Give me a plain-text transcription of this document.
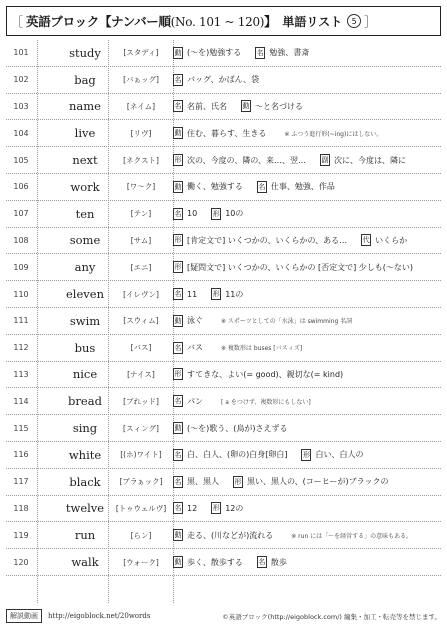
［ 英語ブロック【ナンバー順(No. 101 ~ 120)】 単語リスト	5 ］
101	study	[スタディ]	動 (〜を)勉強する 名 勉強、書斎
102	bag	[バぁッグ]	名 バッグ、かばん、袋
103	name	[ネイム]	名 名前、氏名 動 〜と名づける
104	live	[リヴ]	動 住む、暮らす、生きる	※ ふつう進行形(~ing)にはしない。
105	next	[ネクスト]	形 次の、今度の、隣の、来…、翌… 副 次に、今度は、隣に
106	work	[ワ〜ク]	動 働く、勉強する 名 仕事、勉強、作品
107	ten	[テン]	名 10 形 10の
108	some	[サム]	形 [肯定文で] いくつかの、いくらかの、ある… 代 いくらか
109	any	[エニ]	形 [疑問文で] いくつかの、いくらかの [否定文で] 少しも(〜ない)
110	eleven	[イレヴン]	名 11 形 11の
111	swim	[スウィム]	動 泳ぐ	※ スポーツとしての「水泳」は swimming 名詞
112	bus	[バス]	名 バス	※ 複数形は buses [バスィズ]
113	nice	[ナイス]	形 すてきな、よい(= good)、親切な(= kind)
114	bread	[ブれッド]	名 パン	[ a をつけず、複数形にもしない]
115	sing	[スィング]	動 (〜を)歌う、(鳥が)さえずる
116	white	[(ホ)ワイト]	名 白、白人、(卵の)白身[卵白] 形 白い、白人の
117	black	[ブラぁック]	名 黒、黒人 形 黒い、黒人の、(コーヒーが)ブラックの
118	twelve	[トゥウェルヴ]	名 12 形 12の
119	run	[らン]	動 走る、(川などが)流れる	※ run には「〜を経営する」の意味もある。
120	walk	[ウォーク]	動 歩く、散歩する 名 散歩
解説動画	http://eigoblock.net/20words	©英語ブロック(http://eigoblock.com/) 編集・加工・転売等を禁じます。
